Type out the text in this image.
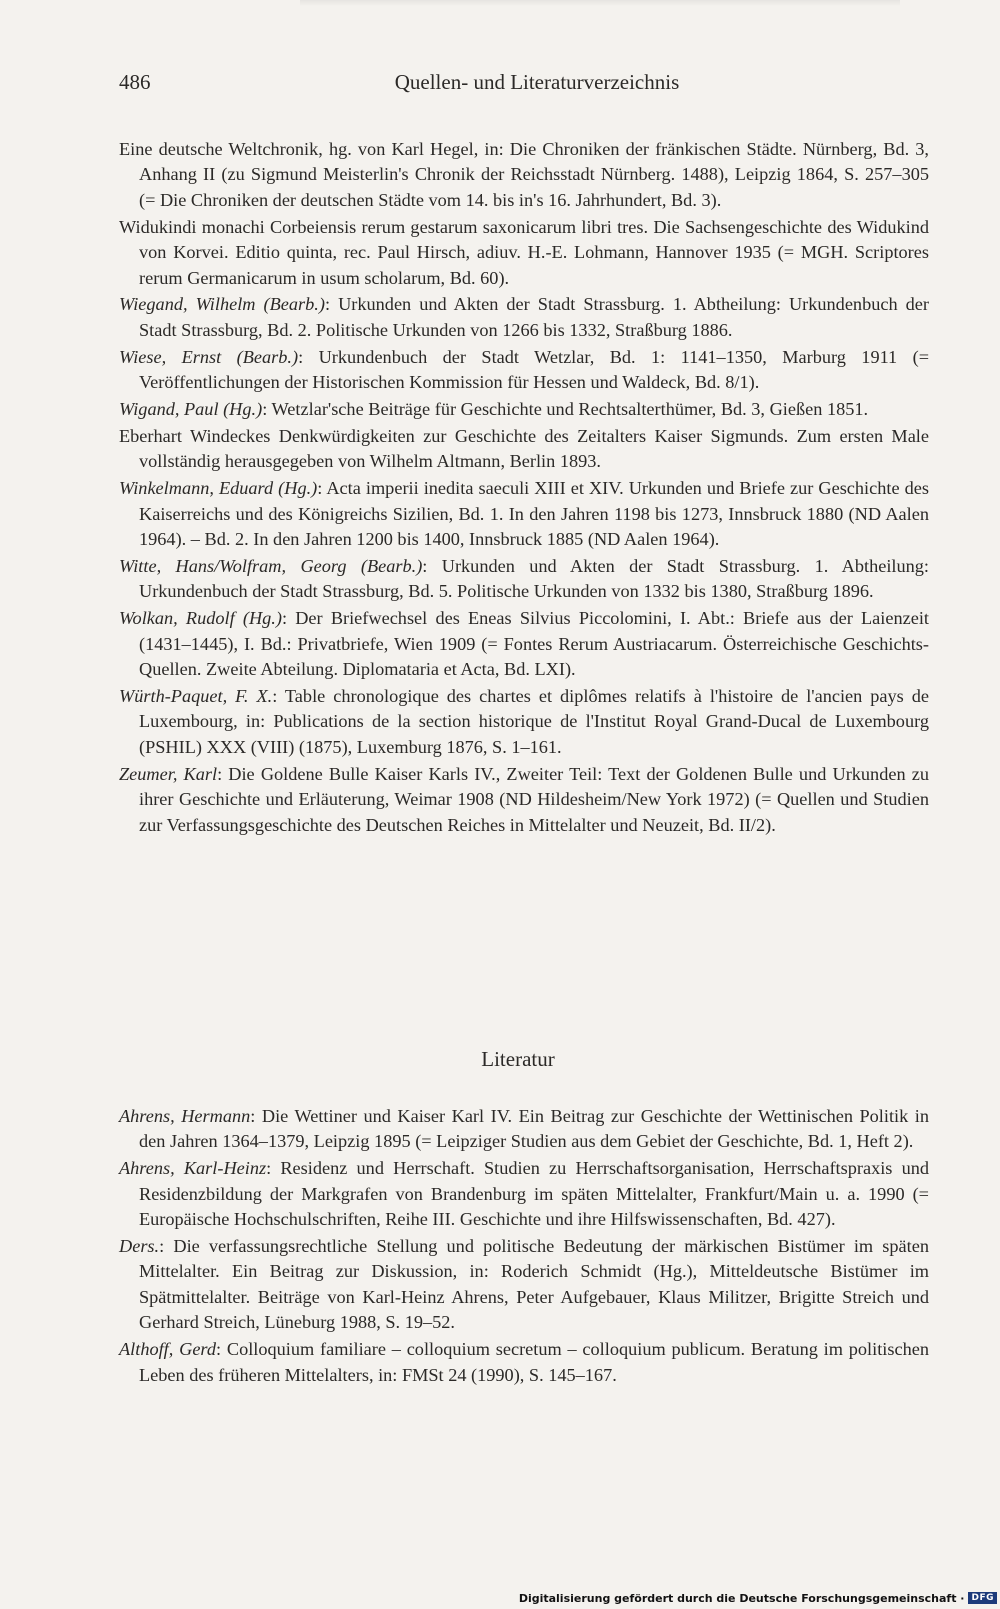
486	Quellen- und Literaturverzeichnis

Eine deutsche Weltchronik, hg. von Karl Hegel, in: Die Chroniken der fränkischen Städte. Nürnberg, Bd. 3, Anhang II (zu Sigmund Meisterlin's Chronik der Reichsstadt Nürnberg. 1488), Leipzig 1864, S. 257–305 (= Die Chroniken der deutschen Städte vom 14. bis in's 16. Jahrhundert, Bd. 3).

Widukindi monachi Corbeiensis rerum gestarum saxonicarum libri tres. Die Sachsengeschichte des Widukind von Korvei. Editio quinta, rec. Paul Hirsch, adiuv. H.-E. Lohmann, Hannover 1935 (= MGH. Scriptores rerum Germanicarum in usum scholarum, Bd. 60).

Wiegand, Wilhelm (Bearb.): Urkunden und Akten der Stadt Strassburg. 1. Abtheilung: Urkundenbuch der Stadt Strassburg, Bd. 2. Politische Urkunden von 1266 bis 1332, Straßburg 1886.

Wiese, Ernst (Bearb.): Urkundenbuch der Stadt Wetzlar, Bd. 1: 1141–1350, Marburg 1911 (= Veröffentlichungen der Historischen Kommission für Hessen und Waldeck, Bd. 8/1).

Wigand, Paul (Hg.): Wetzlar'sche Beiträge für Geschichte und Rechtsalterthümer, Bd. 3, Gießen 1851.

Eberhart Windeckes Denkwürdigkeiten zur Geschichte des Zeitalters Kaiser Sigmunds. Zum ersten Male vollständig herausgegeben von Wilhelm Altmann, Berlin 1893.

Winkelmann, Eduard (Hg.): Acta imperii inedita saeculi XIII et XIV. Urkunden und Briefe zur Geschichte des Kaiserreichs und des Königreichs Sizilien, Bd. 1. In den Jahren 1198 bis 1273, Innsbruck 1880 (ND Aalen 1964). – Bd. 2. In den Jahren 1200 bis 1400, Innsbruck 1885 (ND Aalen 1964).

Witte, Hans/Wolfram, Georg (Bearb.): Urkunden und Akten der Stadt Strassburg. 1. Abtheilung: Urkundenbuch der Stadt Strassburg, Bd. 5. Politische Urkunden von 1332 bis 1380, Straßburg 1896.

Wolkan, Rudolf (Hg.): Der Briefwechsel des Eneas Silvius Piccolomini, I. Abt.: Briefe aus der Laienzeit (1431–1445), I. Bd.: Privatbriefe, Wien 1909 (= Fontes Rerum Austriacarum. Österreichische Geschichts-Quellen. Zweite Abteilung. Diplomataria et Acta, Bd. LXI).

Würth-Paquet, F. X.: Table chronologique des chartes et diplômes relatifs à l'histoire de l'ancien pays de Luxembourg, in: Publications de la section historique de l'Institut Royal Grand-Ducal de Luxembourg (PSHIL) XXX (VIII) (1875), Luxemburg 1876, S. 1–161.

Zeumer, Karl: Die Goldene Bulle Kaiser Karls IV., Zweiter Teil: Text der Goldenen Bulle und Urkunden zu ihrer Geschichte und Erläuterung, Weimar 1908 (ND Hildesheim/New York 1972) (= Quellen und Studien zur Verfassungsgeschichte des Deutschen Reiches in Mittelalter und Neuzeit, Bd. II/2).

Literatur

Ahrens, Hermann: Die Wettiner und Kaiser Karl IV. Ein Beitrag zur Geschichte der Wettinischen Politik in den Jahren 1364–1379, Leipzig 1895 (= Leipziger Studien aus dem Gebiet der Geschichte, Bd. 1, Heft 2).

Ahrens, Karl-Heinz: Residenz und Herrschaft. Studien zu Herrschaftsorganisation, Herrschaftspraxis und Residenzbildung der Markgrafen von Brandenburg im späten Mittelalter, Frankfurt/Main u. a. 1990 (= Europäische Hochschulschriften, Reihe III. Geschichte und ihre Hilfswissenschaften, Bd. 427).

Ders.: Die verfassungsrechtliche Stellung und politische Bedeutung der märkischen Bistümer im späten Mittelalter. Ein Beitrag zur Diskussion, in: Roderich Schmidt (Hg.), Mitteldeutsche Bistümer im Spätmittelalter. Beiträge von Karl-Heinz Ahrens, Peter Aufgebauer, Klaus Militzer, Brigitte Streich und Gerhard Streich, Lüneburg 1988, S. 19–52.

Althoff, Gerd: Colloquium familiare – colloquium secretum – colloquium publicum. Beratung im politischen Leben des früheren Mittelalters, in: FMSt 24 (1990), S. 145–167.

Digitalisierung gefördert durch die Deutsche Forschungsgemeinschaft · DFG
